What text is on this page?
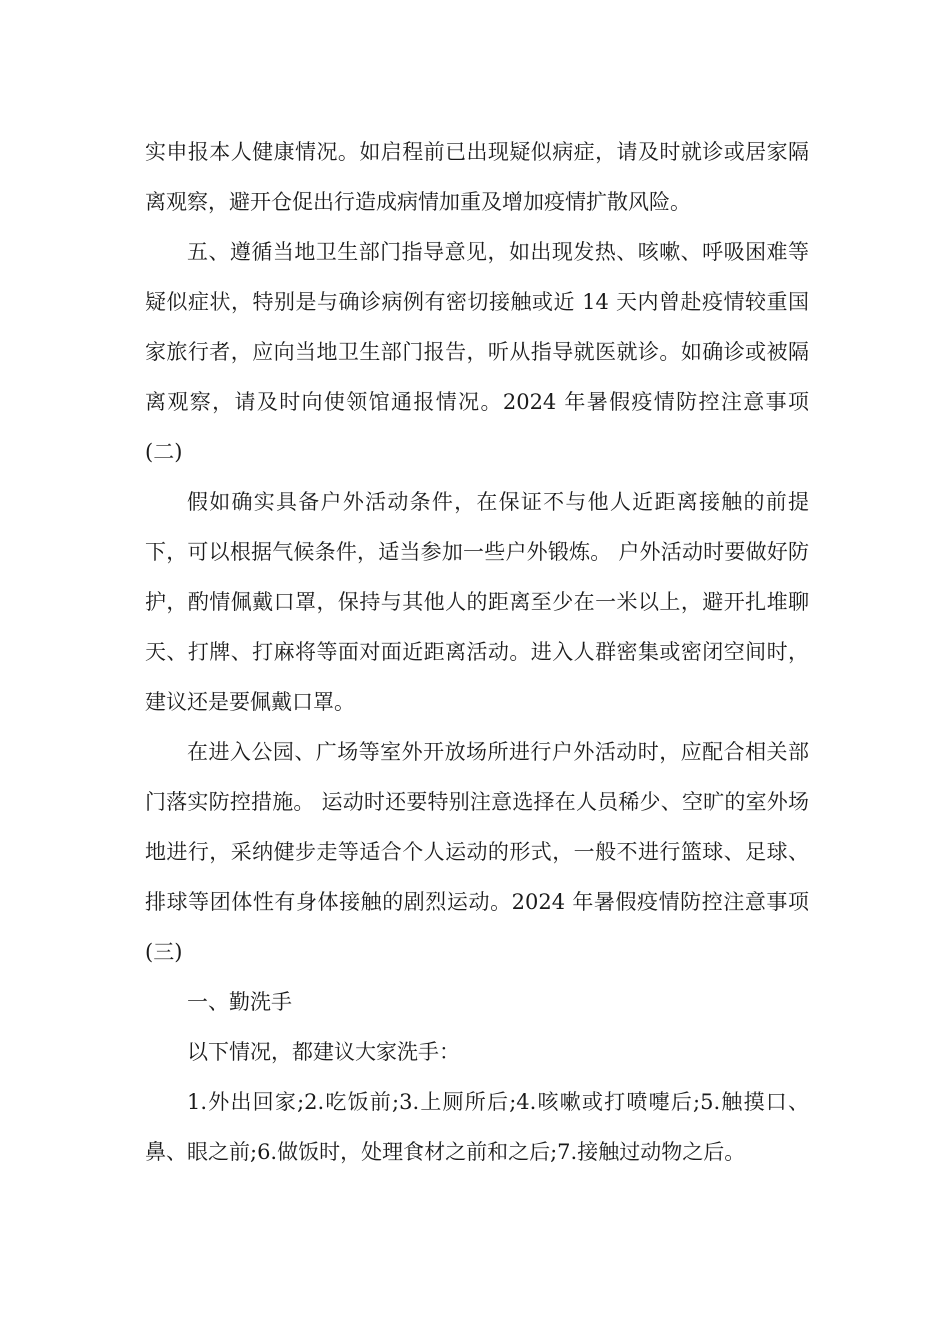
实申报本人健康情况。如启程前已出现疑似病症，请及时就诊或居家隔离观察，避开仓促出行造成病情加重及增加疫情扩散风险。

五、遵循当地卫生部门指导意见，如出现发热、咳嗽、呼吸困难等疑似症状，特别是与确诊病例有密切接触或近 14 天内曾赴疫情较重国家旅行者，应向当地卫生部门报告，听从指导就医就诊。如确诊或被隔离观察，请及时向使领馆通报情况。2024 年暑假疫情防控注意事项(二)

假如确实具备户外活动条件，在保证不与他人近距离接触的前提下，可以根据气候条件，适当参加一些户外锻炼。 户外活动时要做好防护，酌情佩戴口罩，保持与其他人的距离至少在一米以上，避开扎堆聊天、打牌、打麻将等面对面近距离活动。进入人群密集或密闭空间时，建议还是要佩戴口罩。

在进入公园、广场等室外开放场所进行户外活动时，应配合相关部门落实防控措施。 运动时还要特别注意选择在人员稀少、空旷的室外场地进行，采纳健步走等适合个人运动的形式，一般不进行篮球、足球、排球等团体性有身体接触的剧烈运动。2024 年暑假疫情防控注意事项(三)

一、勤洗手

以下情况，都建议大家洗手：

1.外出回家;2.吃饭前;3.上厕所后;4.咳嗽或打喷嚏后;5.触摸口、鼻、眼之前;6.做饭时，处理食材之前和之后;7.接触过动物之后。
